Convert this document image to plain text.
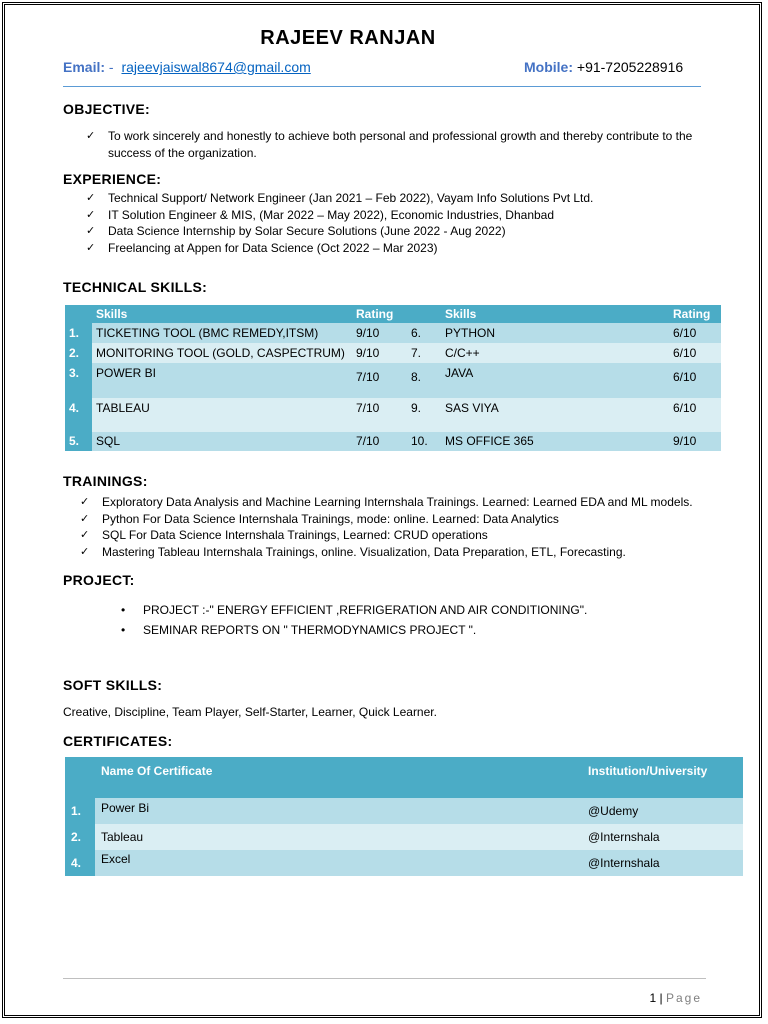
RAJEEV RANJAN
Email: - rajeevjaiswal8674@gmail.com	Mobile: +91-7205228916
OBJECTIVE:
✓ To work sincerely and honestly to achieve both personal and professional growth and thereby contribute to the success of the organization.
EXPERIENCE:
✓ Technical Support/ Network Engineer (Jan 2021 – Feb 2022), Vayam Info Solutions Pvt Ltd.
✓ IT Solution Engineer & MIS, (Mar 2022 – May 2022), Economic Industries, Dhanbad
✓ Data Science Internship by Solar Secure Solutions (June 2022 - Aug 2022)
✓ Freelancing at Appen for Data Science (Oct 2022 – Mar 2023)
TECHNICAL SKILLS:
	Skills	Rating		Skills	Rating
1.	TICKETING TOOL (BMC REMEDY,ITSM)	9/10	6.	PYTHON	6/10
2.	MONITORING TOOL (GOLD, CASPECTRUM)	9/10	7.	C/C++	6/10
3.	POWER BI	7/10	8.	JAVA	6/10
4.	TABLEAU	7/10	9.	SAS VIYA	6/10
5.	SQL	7/10	10.	MS OFFICE 365	9/10
TRAININGS:
✓ Exploratory Data Analysis and Machine Learning Internshala Trainings. Learned: Learned EDA and ML models.
✓ Python For Data Science Internshala Trainings, mode: online. Learned: Data Analytics
✓ SQL For Data Science Internshala Trainings, Learned: CRUD operations
✓ Mastering Tableau Internshala Trainings, online. Visualization, Data Preparation, ETL, Forecasting.
PROJECT:
• PROJECT :-" ENERGY EFFICIENT ,REFRIGERATION AND AIR CONDITIONING".
• SEMINAR REPORTS ON " THERMODYNAMICS PROJECT ".
SOFT SKILLS:
Creative, Discipline, Team Player, Self-Starter, Learner, Quick Learner.
CERTIFICATES:
	Name Of Certificate	Institution/University
1.	Power Bi	@Udemy
2.	Tableau	@Internshala
4.	Excel	@Internshala
1 | Page
